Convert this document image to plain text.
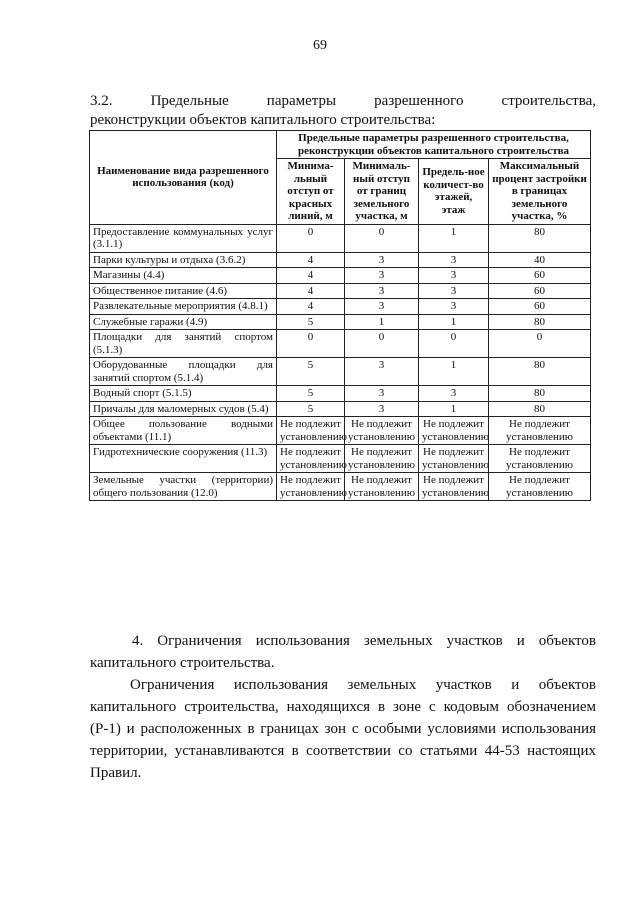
69
3.2.	Предельные	параметры	разрешенного	строительства,
реконструкции объектов капитального строительства:
Наименование вида разрешенного использования (код)	Предельные параметры разрешенного строительства, реконструкции объектов капитального строительства			
	Минима-льный отступ от красных линий, м	Минималь-ный отступ от границ земельного участка, м	Предель-ное количест-во этажей, этаж	Максимальный процент застройки в границах земельного участка, %
Предоставление коммунальных услуг (3.1.1)	0	0	1	80
Парки культуры и отдыха (3.6.2)	4	3	3	40
Магазины (4.4)	4	3	3	60
Общественное питание (4.6)	4	3	3	60
Развлекательные мероприятия (4.8.1)	4	3	3	60
Служебные гаражи (4.9)	5	1	1	80
Площадки для занятий спортом (5.1.3)	0	0	0	0
Оборудованные площадки для занятий спортом (5.1.4)	5	3	1	80
Водный спорт (5.1.5)	5	3	3	80
Причалы для маломерных судов (5.4)	5	3	1	80
Общее пользование водными объектами (11.1)	Не подлежит установлению	Не подлежит установлению	Не подлежит установлению	Не подлежит установлению
Гидротехнические сооружения (11.3)	Не подлежит установлению	Не подлежит установлению	Не подлежит установлению	Не подлежит установлению
Земельные участки (территории) общего пользования (12.0)	Не подлежит установлению	Не подлежит установлению	Не подлежит установлению	Не подлежит установлению
4. Ограничения использования земельных участков и объектов капитального строительства.
Ограничения использования земельных участков и объектов капитального строительства, находящихся в зоне с кодовым обозначением (Р-1) и расположенных в границах зон с особыми условиями использования территории, устанавливаются в соответствии со статьями 44-53 настоящих Правил.
